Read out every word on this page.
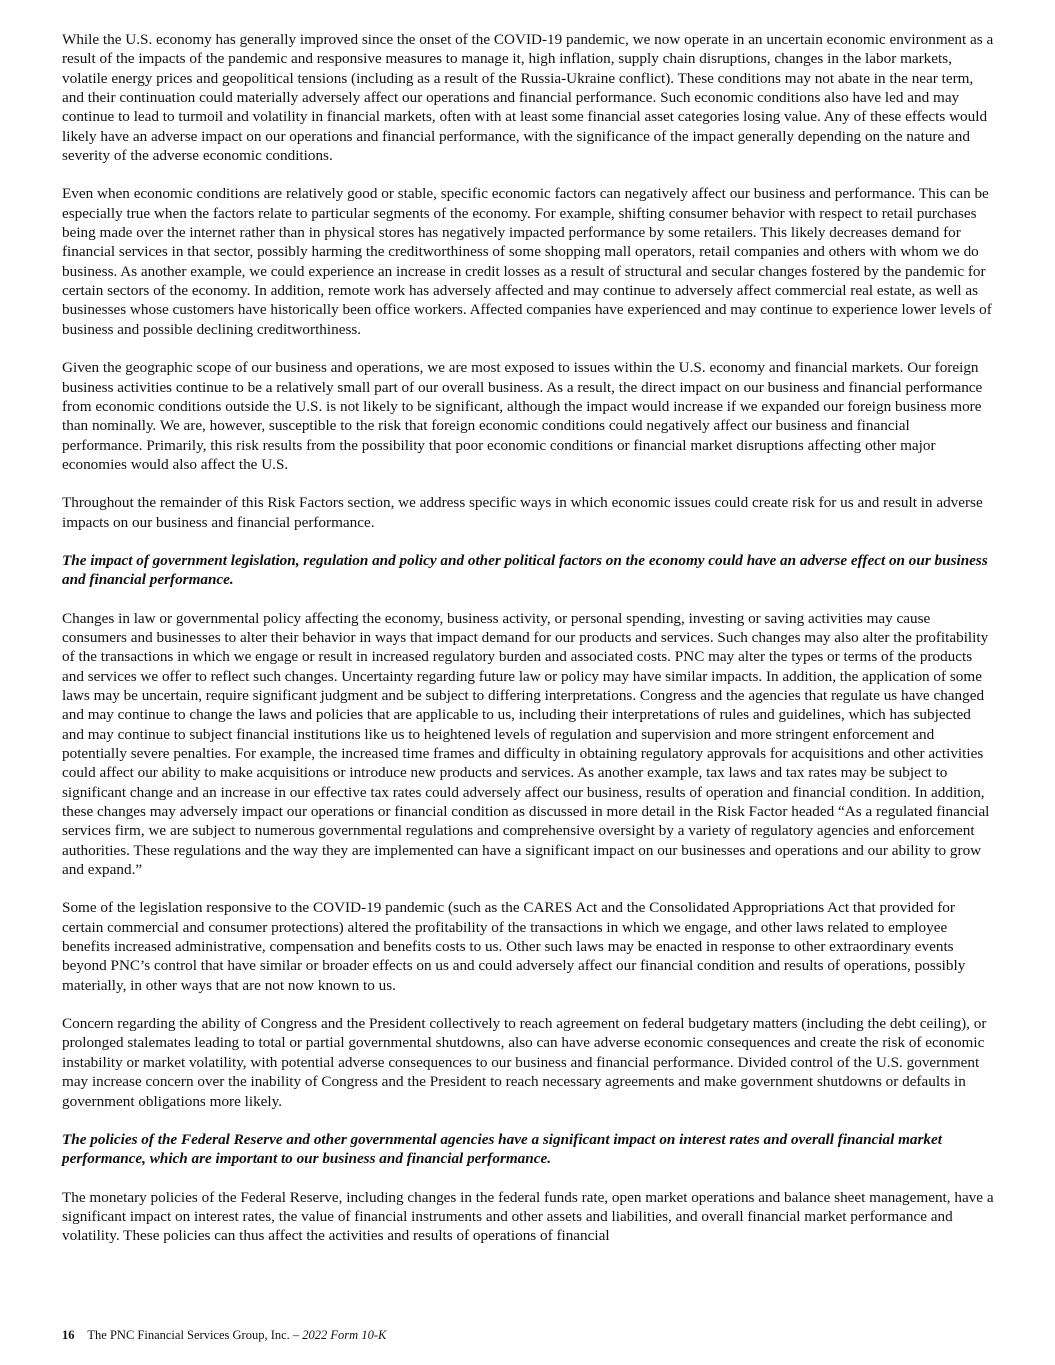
While the U.S. economy has generally improved since the onset of the COVID-19 pandemic, we now operate in an uncertain economic environment as a result of the impacts of the pandemic and responsive measures to manage it, high inflation, supply chain disruptions, changes in the labor markets, volatile energy prices and geopolitical tensions (including as a result of the Russia-Ukraine conflict). These conditions may not abate in the near term, and their continuation could materially adversely affect our operations and financial performance. Such economic conditions also have led and may continue to lead to turmoil and volatility in financial markets, often with at least some financial asset categories losing value. Any of these effects would likely have an adverse impact on our operations and financial performance, with the significance of the impact generally depending on the nature and severity of the adverse economic conditions.

Even when economic conditions are relatively good or stable, specific economic factors can negatively affect our business and performance. This can be especially true when the factors relate to particular segments of the economy. For example, shifting consumer behavior with respect to retail purchases being made over the internet rather than in physical stores has negatively impacted performance by some retailers. This likely decreases demand for financial services in that sector, possibly harming the creditworthiness of some shopping mall operators, retail companies and others with whom we do business. As another example, we could experience an increase in credit losses as a result of structural and secular changes fostered by the pandemic for certain sectors of the economy. In addition, remote work has adversely affected and may continue to adversely affect commercial real estate, as well as businesses whose customers have historically been office workers. Affected companies have experienced and may continue to experience lower levels of business and possible declining creditworthiness.

Given the geographic scope of our business and operations, we are most exposed to issues within the U.S. economy and financial markets. Our foreign business activities continue to be a relatively small part of our overall business. As a result, the direct impact on our business and financial performance from economic conditions outside the U.S. is not likely to be significant, although the impact would increase if we expanded our foreign business more than nominally. We are, however, susceptible to the risk that foreign economic conditions could negatively affect our business and financial performance. Primarily, this risk results from the possibility that poor economic conditions or financial market disruptions affecting other major economies would also affect the U.S.

Throughout the remainder of this Risk Factors section, we address specific ways in which economic issues could create risk for us and result in adverse impacts on our business and financial performance.

The impact of government legislation, regulation and policy and other political factors on the economy could have an adverse effect on our business and financial performance.

Changes in law or governmental policy affecting the economy, business activity, or personal spending, investing or saving activities may cause consumers and businesses to alter their behavior in ways that impact demand for our products and services. Such changes may also alter the profitability of the transactions in which we engage or result in increased regulatory burden and associated costs. PNC may alter the types or terms of the products and services we offer to reflect such changes. Uncertainty regarding future law or policy may have similar impacts. In addition, the application of some laws may be uncertain, require significant judgment and be subject to differing interpretations. Congress and the agencies that regulate us have changed and may continue to change the laws and policies that are applicable to us, including their interpretations of rules and guidelines, which has subjected and may continue to subject financial institutions like us to heightened levels of regulation and supervision and more stringent enforcement and potentially severe penalties. For example, the increased time frames and difficulty in obtaining regulatory approvals for acquisitions and other activities could affect our ability to make acquisitions or introduce new products and services. As another example, tax laws and tax rates may be subject to significant change and an increase in our effective tax rates could adversely affect our business, results of operation and financial condition. In addition, these changes may adversely impact our operations or financial condition as discussed in more detail in the Risk Factor headed “As a regulated financial services firm, we are subject to numerous governmental regulations and comprehensive oversight by a variety of regulatory agencies and enforcement authorities. These regulations and the way they are implemented can have a significant impact on our businesses and operations and our ability to grow and expand.”

Some of the legislation responsive to the COVID-19 pandemic (such as the CARES Act and the Consolidated Appropriations Act that provided for certain commercial and consumer protections) altered the profitability of the transactions in which we engage, and other laws related to employee benefits increased administrative, compensation and benefits costs to us. Other such laws may be enacted in response to other extraordinary events beyond PNC’s control that have similar or broader effects on us and could adversely affect our financial condition and results of operations, possibly materially, in other ways that are not now known to us.

Concern regarding the ability of Congress and the President collectively to reach agreement on federal budgetary matters (including the debt ceiling), or prolonged stalemates leading to total or partial governmental shutdowns, also can have adverse economic consequences and create the risk of economic instability or market volatility, with potential adverse consequences to our business and financial performance. Divided control of the U.S. government may increase concern over the inability of Congress and the President to reach necessary agreements and make government shutdowns or defaults in government obligations more likely.

The policies of the Federal Reserve and other governmental agencies have a significant impact on interest rates and overall financial market performance, which are important to our business and financial performance.

The monetary policies of the Federal Reserve, including changes in the federal funds rate, open market operations and balance sheet management, have a significant impact on interest rates, the value of financial instruments and other assets and liabilities, and overall financial market performance and volatility. These policies can thus affect the activities and results of operations of financial

16 The PNC Financial Services Group, Inc. – 2022 Form 10-K
